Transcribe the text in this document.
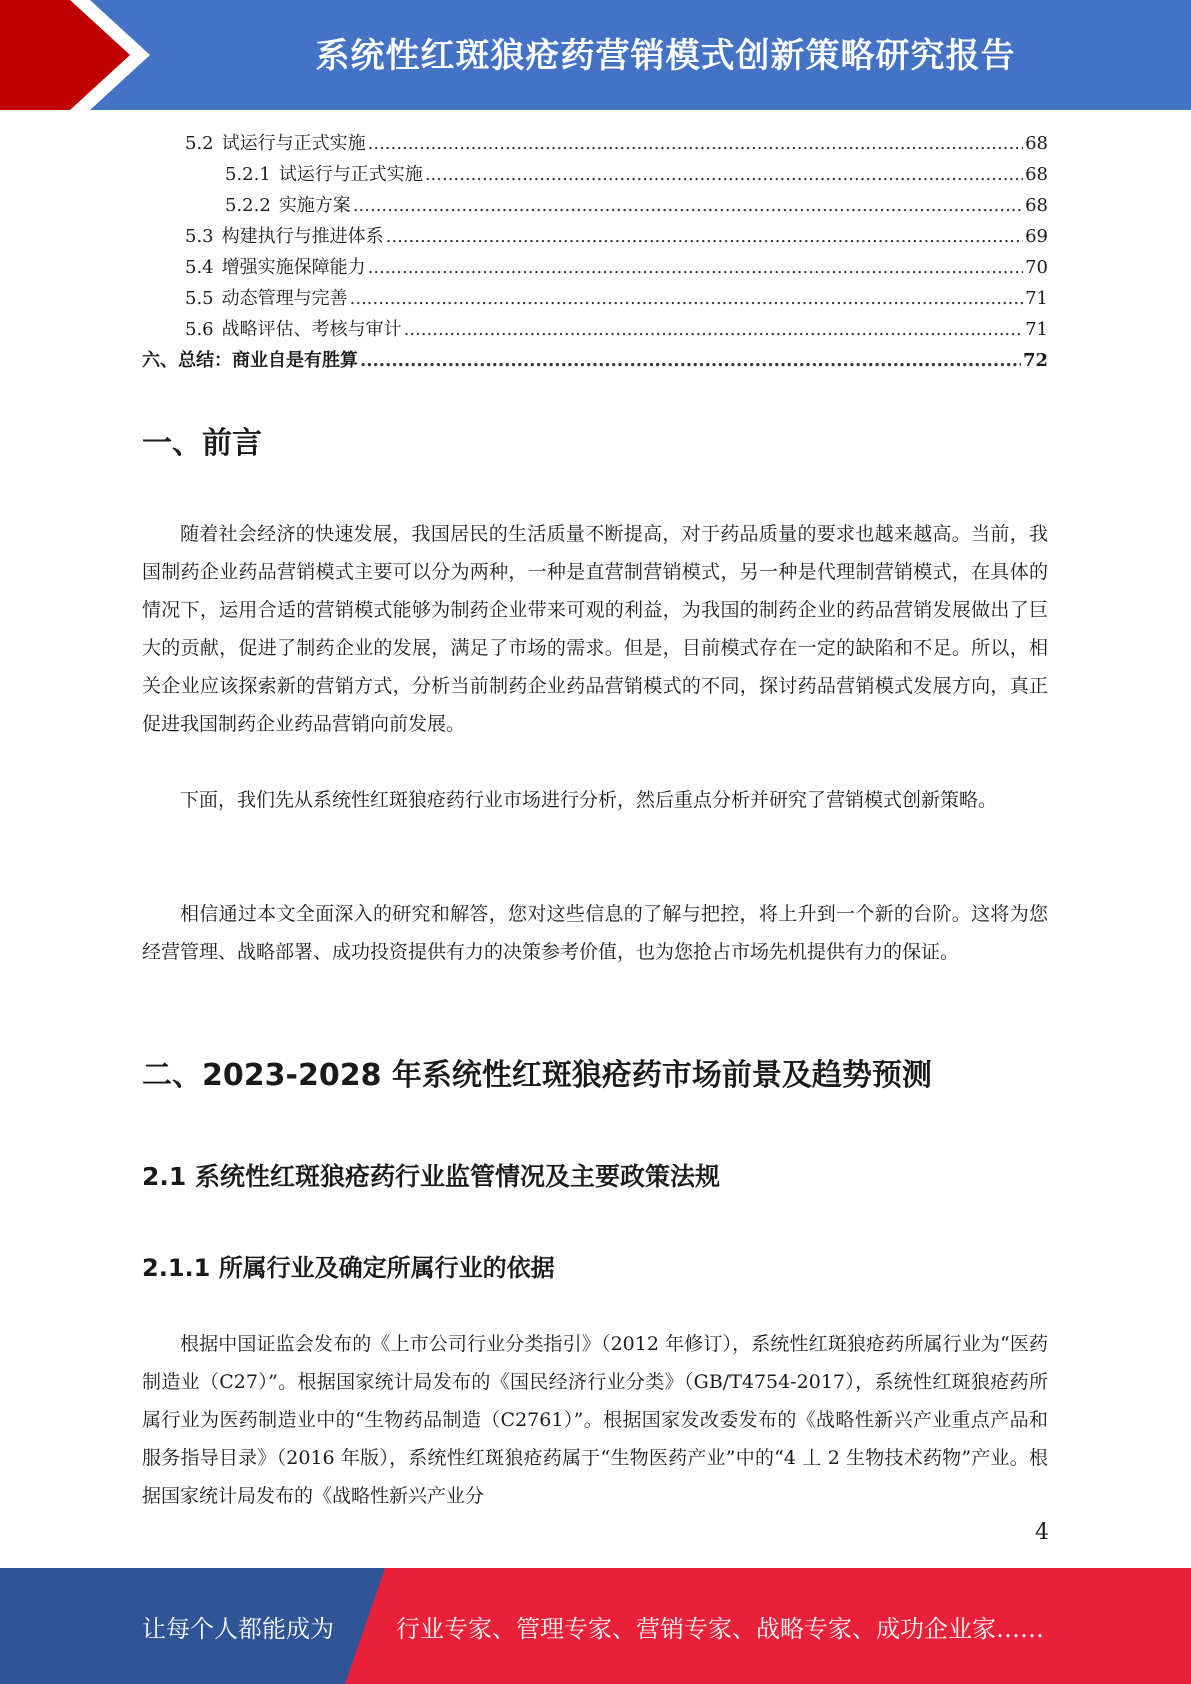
系统性红斑狼疮药营销模式创新策略研究报告
5.2 试运行与正式实施 .....	68
5.2.1 试运行与正式实施 .....	68
5.2.2 实施方案 .....	68
5.3 构建执行与推进体系 .....	69
5.4 增强实施保障能力 .....	70
5.5 动态管理与完善 .....	71
5.6 战略评估、考核与审计 .....	71
六、总结：商业自是有胜算 .....	72
一、前言

随着社会经济的快速发展，我国居民的生活质量不断提高，对于药品质量的要求也越来越高。当前，我国制药企业药品营销模式主要可以分为两种，一种是直营制营销模式，另一种是代理制营销模式，在具体的情况下，运用合适的营销模式能够为制药企业带来可观的利益，为我国的制药企业的药品营销发展做出了巨大的贡献，促进了制药企业的发展，满足了市场的需求。但是，目前模式存在一定的缺陷和不足。所以，相关企业应该探索新的营销方式，分析当前制药企业药品营销模式的不同，探讨药品营销模式发展方向，真正促进我国制药企业药品营销向前发展。

下面，我们先从系统性红斑狼疮药行业市场进行分析，然后重点分析并研究了营销模式创新策略。

相信通过本文全面深入的研究和解答，您对这些信息的了解与把控，将上升到一个新的台阶。这将为您经营管理、战略部署、成功投资提供有力的决策参考价值，也为您抢占市场先机提供有力的保证。

二、2023-2028 年系统性红斑狼疮药市场前景及趋势预测
2.1 系统性红斑狼疮药行业监管情况及主要政策法规
2.1.1 所属行业及确定所属行业的依据

根据中国证监会发布的《上市公司行业分类指引》（2012 年修订），系统性红斑狼疮药所属行业为“医药制造业（C27）”。根据国家统计局发布的《国民经济行业分类》（GB/T4754-2017），系统性红斑狼疮药所属行业为医药制造业中的“生物药品制造（C2761）”。根据国家发改委发布的《战略性新兴产业重点产品和服务指导目录》（2016 年版），系统性红斑狼疮药属于“生物医药产业”中的“4 丄 2 生物技术药物”产业。根据国家统计局发布的《战略性新兴产业分

4
让每个人都能成为	行业专家、管理专家、营销专家、战略专家、成功企业家……
